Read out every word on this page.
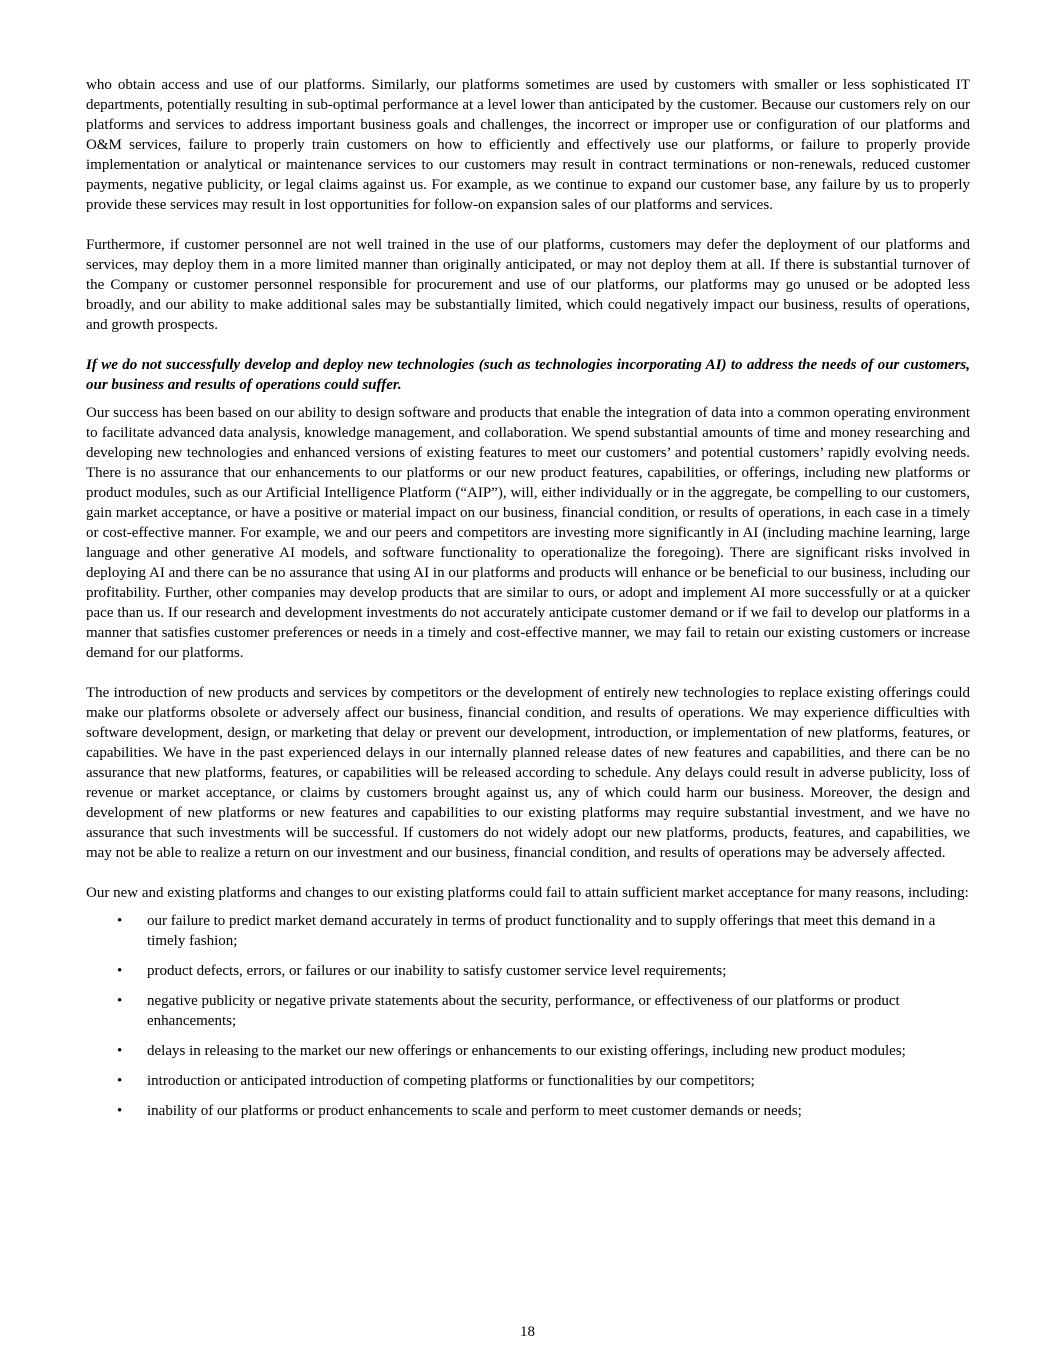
who obtain access and use of our platforms. Similarly, our platforms sometimes are used by customers with smaller or less sophisticated IT departments, potentially resulting in sub-optimal performance at a level lower than anticipated by the customer. Because our customers rely on our platforms and services to address important business goals and challenges, the incorrect or improper use or configuration of our platforms and O&M services, failure to properly train customers on how to efficiently and effectively use our platforms, or failure to properly provide implementation or analytical or maintenance services to our customers may result in contract terminations or non-renewals, reduced customer payments, negative publicity, or legal claims against us. For example, as we continue to expand our customer base, any failure by us to properly provide these services may result in lost opportunities for follow-on expansion sales of our platforms and services.

Furthermore, if customer personnel are not well trained in the use of our platforms, customers may defer the deployment of our platforms and services, may deploy them in a more limited manner than originally anticipated, or may not deploy them at all. If there is substantial turnover of the Company or customer personnel responsible for procurement and use of our platforms, our platforms may go unused or be adopted less broadly, and our ability to make additional sales may be substantially limited, which could negatively impact our business, results of operations, and growth prospects.

If we do not successfully develop and deploy new technologies (such as technologies incorporating AI) to address the needs of our customers, our business and results of operations could suffer.

Our success has been based on our ability to design software and products that enable the integration of data into a common operating environment to facilitate advanced data analysis, knowledge management, and collaboration. We spend substantial amounts of time and money researching and developing new technologies and enhanced versions of existing features to meet our customers’ and potential customers’ rapidly evolving needs. There is no assurance that our enhancements to our platforms or our new product features, capabilities, or offerings, including new platforms or product modules, such as our Artificial Intelligence Platform (“AIP”), will, either individually or in the aggregate, be compelling to our customers, gain market acceptance, or have a positive or material impact on our business, financial condition, or results of operations, in each case in a timely or cost-effective manner. For example, we and our peers and competitors are investing more significantly in AI (including machine learning, large language and other generative AI models, and software functionality to operationalize the foregoing). There are significant risks involved in deploying AI and there can be no assurance that using AI in our platforms and products will enhance or be beneficial to our business, including our profitability. Further, other companies may develop products that are similar to ours, or adopt and implement AI more successfully or at a quicker pace than us. If our research and development investments do not accurately anticipate customer demand or if we fail to develop our platforms in a manner that satisfies customer preferences or needs in a timely and cost-effective manner, we may fail to retain our existing customers or increase demand for our platforms.

The introduction of new products and services by competitors or the development of entirely new technologies to replace existing offerings could make our platforms obsolete or adversely affect our business, financial condition, and results of operations. We may experience difficulties with software development, design, or marketing that delay or prevent our development, introduction, or implementation of new platforms, features, or capabilities. We have in the past experienced delays in our internally planned release dates of new features and capabilities, and there can be no assurance that new platforms, features, or capabilities will be released according to schedule. Any delays could result in adverse publicity, loss of revenue or market acceptance, or claims by customers brought against us, any of which could harm our business. Moreover, the design and development of new platforms or new features and capabilities to our existing platforms may require substantial investment, and we have no assurance that such investments will be successful. If customers do not widely adopt our new platforms, products, features, and capabilities, we may not be able to realize a return on our investment and our business, financial condition, and results of operations may be adversely affected.

Our new and existing platforms and changes to our existing platforms could fail to attain sufficient market acceptance for many reasons, including:

• our failure to predict market demand accurately in terms of product functionality and to supply offerings that meet this demand in a timely fashion;
• product defects, errors, or failures or our inability to satisfy customer service level requirements;
• negative publicity or negative private statements about the security, performance, or effectiveness of our platforms or product enhancements;
• delays in releasing to the market our new offerings or enhancements to our existing offerings, including new product modules;
• introduction or anticipated introduction of competing platforms or functionalities by our competitors;
• inability of our platforms or product enhancements to scale and perform to meet customer demands or needs;
18
